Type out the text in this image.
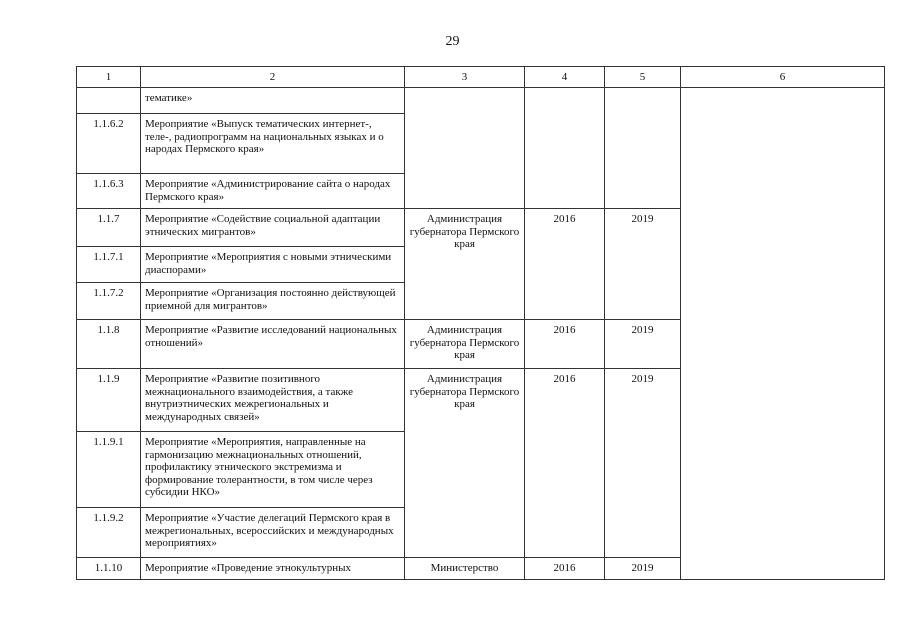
29
1	2	3	4	5	6
	тематике»				
1.1.6.2	Мероприятие «Выпуск тематических интернет-, теле-, радиопрограмм на национальных языках и о народах Пермского края»				
1.1.6.3	Мероприятие «Администрирование сайта о народах Пермского края»				
1.1.7	Мероприятие «Содействие социальной адаптации этнических мигрантов»	Администрация губернатора Пермского края	2016	2019	
1.1.7.1	Мероприятие «Мероприятия с новыми этническими диаспорами»				
1.1.7.2	Мероприятие «Организация постоянно действующей приемной для мигрантов»				
1.1.8	Мероприятие «Развитие исследований национальных отношений»	Администрация губернатора Пермского края	2016	2019	
1.1.9	Мероприятие «Развитие позитивного межнационального взаимодействия, а также внутриэтнических межрегиональных и международных связей»	Администрация губернатора Пермского края	2016	2019	
1.1.9.1	Мероприятие «Мероприятия, направленные на гармонизацию межнациональных отношений, профилактику этнического экстремизма и формирование толерантности, в том числе через субсидии НКО»				
1.1.9.2	Мероприятие «Участие делегаций Пермского края в межрегиональных, всероссийских и международных мероприятиях»				
1.1.10	Мероприятие «Проведение этнокультурных	Министерство	2016	2019	
